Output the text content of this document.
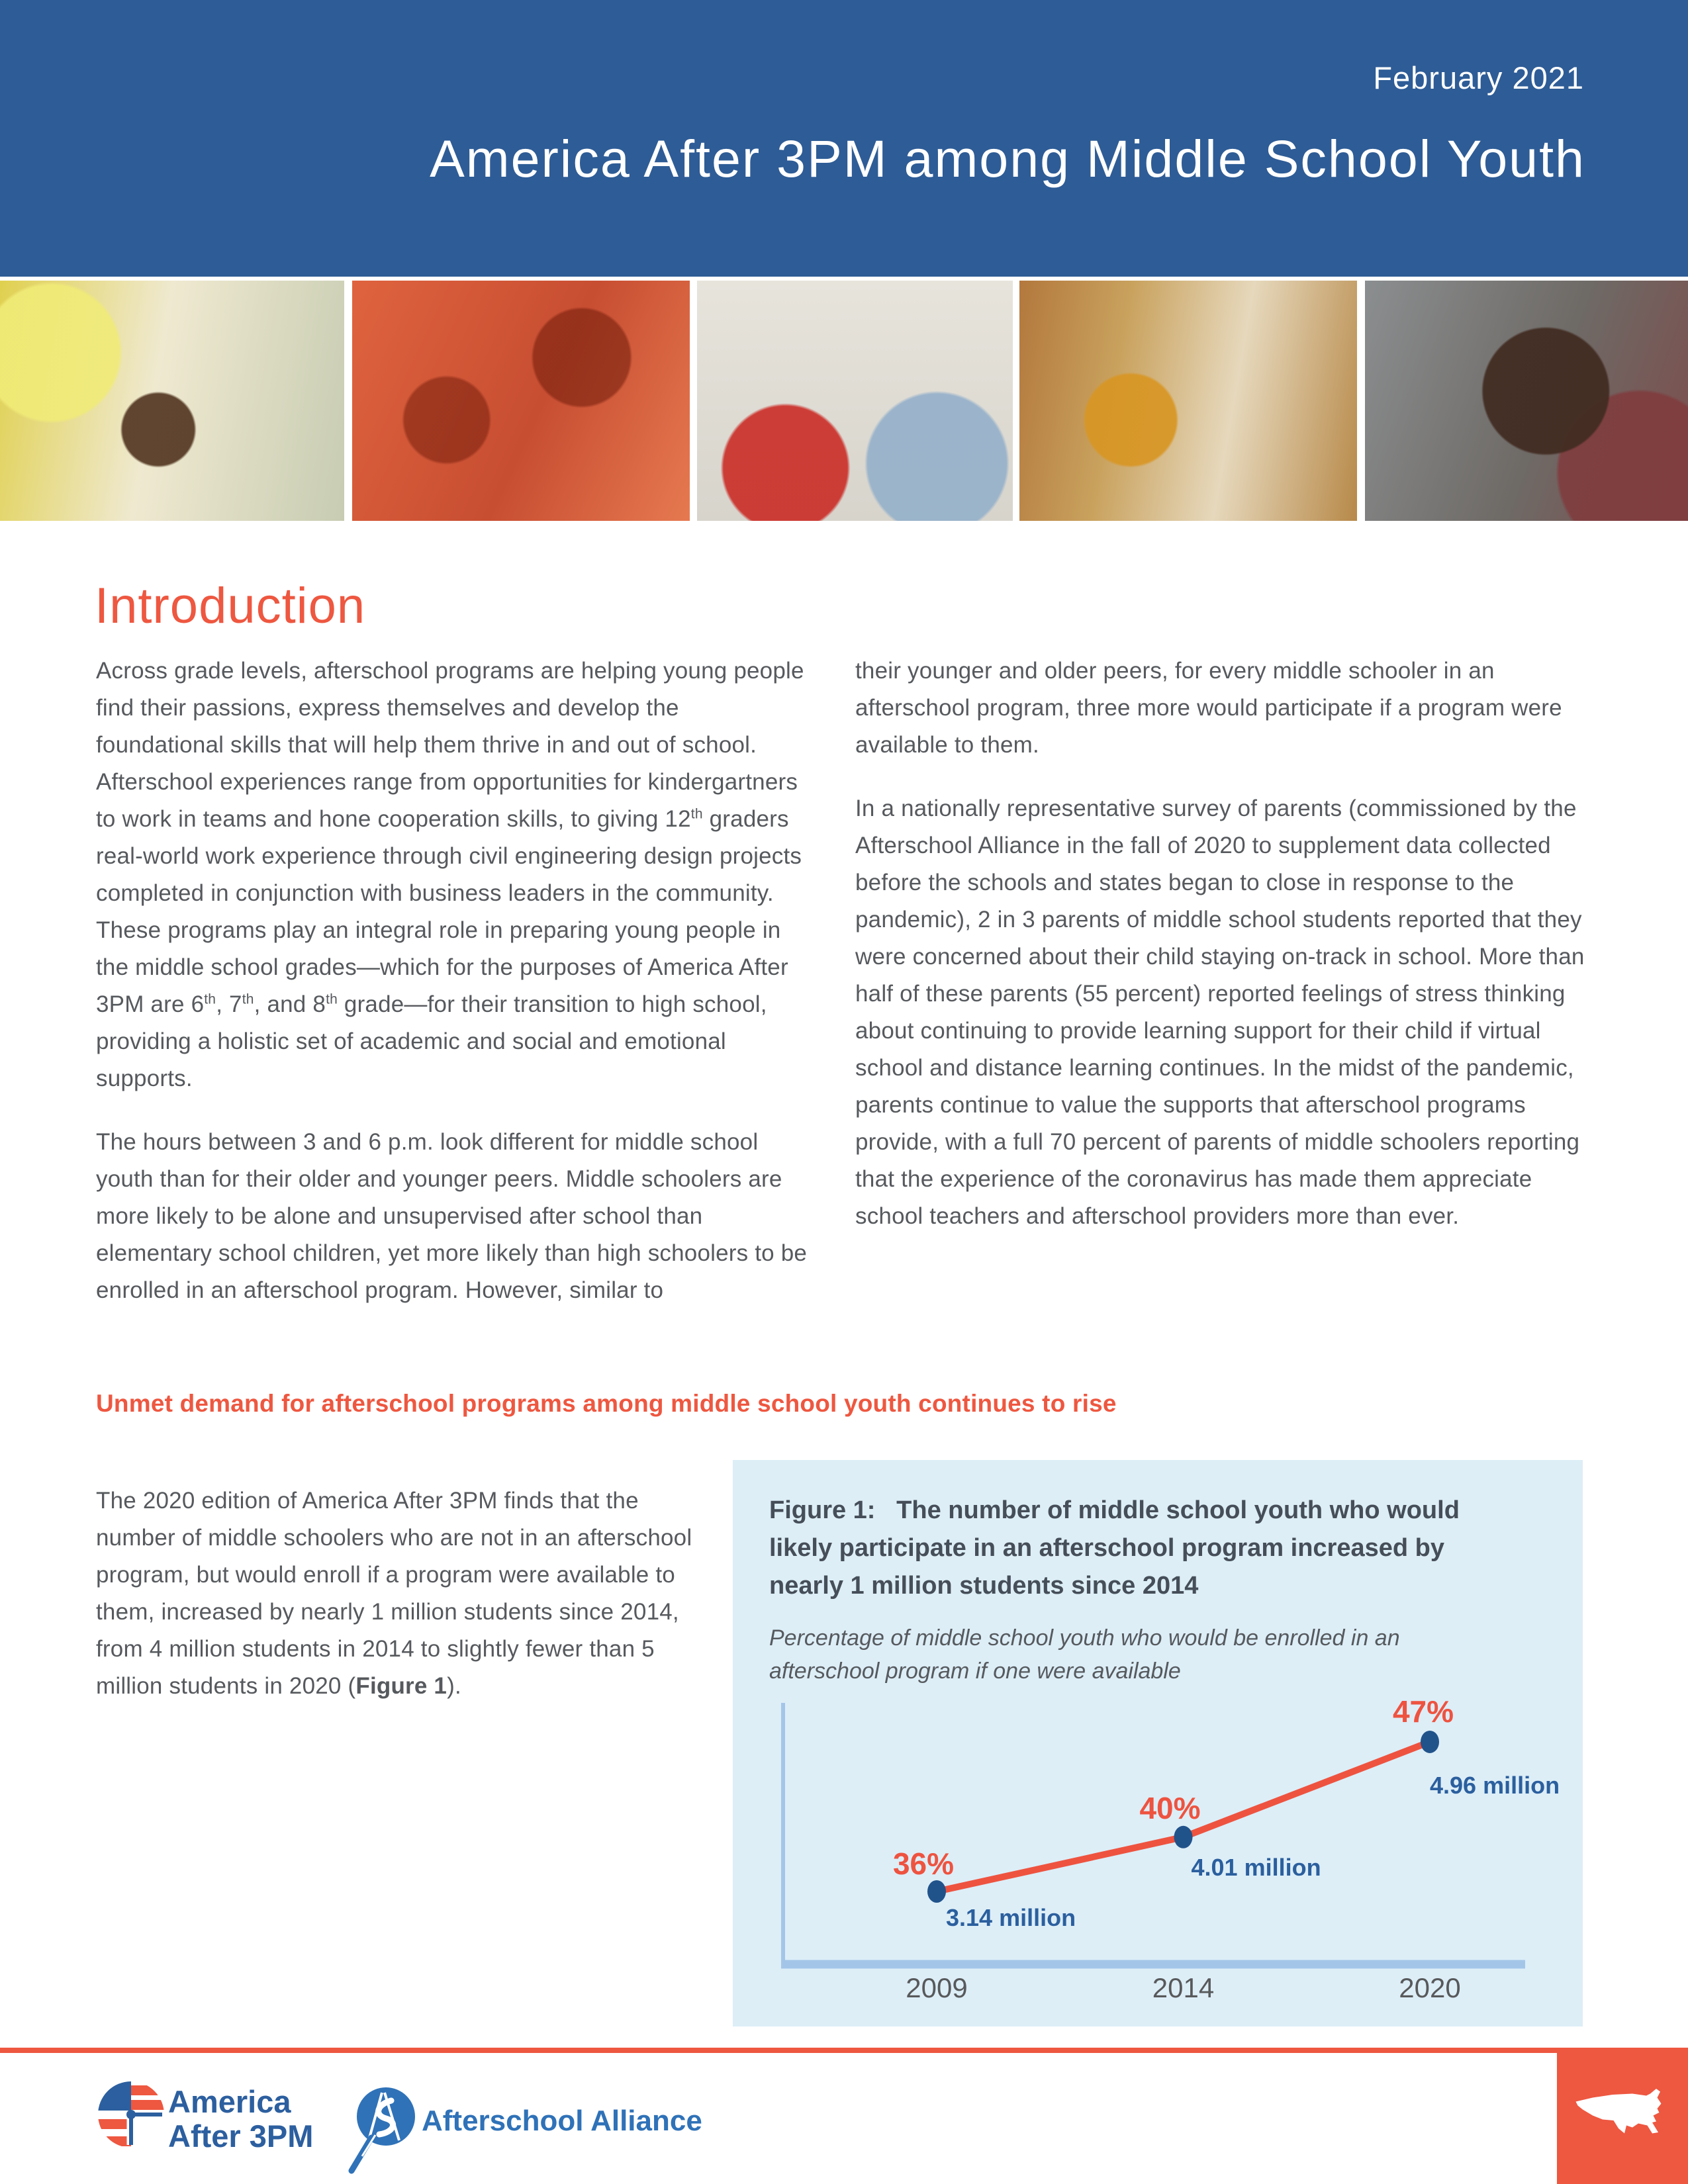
February 2021
America After 3PM among Middle School Youth
Introduction

Across grade levels, afterschool programs are helping young people find their passions, express themselves and develop the foundational skills that will help them thrive in and out of school. Afterschool experiences range from opportunities for kindergartners to work in teams and hone cooperation skills, to giving 12th graders real-world work experience through civil engineering design projects completed in conjunction with business leaders in the community. These programs play an integral role in preparing young people in the middle school grades—which for the purposes of America After 3PM are 6th, 7th, and 8th grade—for their transition to high school, providing a holistic set of academic and social and emotional supports.

The hours between 3 and 6 p.m. look different for middle school youth than for their older and younger peers. Middle schoolers are more likely to be alone and unsupervised after school than elementary school children, yet more likely than high schoolers to be enrolled in an afterschool program. However, similar to

their younger and older peers, for every middle schooler in an afterschool program, three more would participate if a program were available to them.

In a nationally representative survey of parents (commissioned by the Afterschool Alliance in the fall of 2020 to supplement data collected before the schools and states began to close in response to the pandemic), 2 in 3 parents of middle school students reported that they were concerned about their child staying on-track in school. More than half of these parents (55 percent) reported feelings of stress thinking about continuing to provide learning support for their child if virtual school and distance learning continues. In the midst of the pandemic, parents continue to value the supports that afterschool programs provide, with a full 70 percent of parents of middle schoolers reporting that the experience of the coronavirus has made them appreciate school teachers and afterschool providers more than ever.

Unmet demand for afterschool programs among middle school youth continues to rise
The 2020 edition of America After 3PM finds that the number of middle schoolers who are not in an afterschool program, but would enroll if a program were available to them, increased by nearly 1 million students since 2014, from 4 million students in 2014 to slightly fewer than 5 million students in 2020 (Figure 1).
Figure 1: The number of middle school youth who would likely participate in an afterschool program increased by nearly 1 million students since 2014
Percentage of middle school youth who would be enrolled in an afterschool program if one were available
36%
3.14 million
2009
40%
4.01 million
2014
47%
4.96 million
2020
America
After 3PM	Afterschool Alliance
